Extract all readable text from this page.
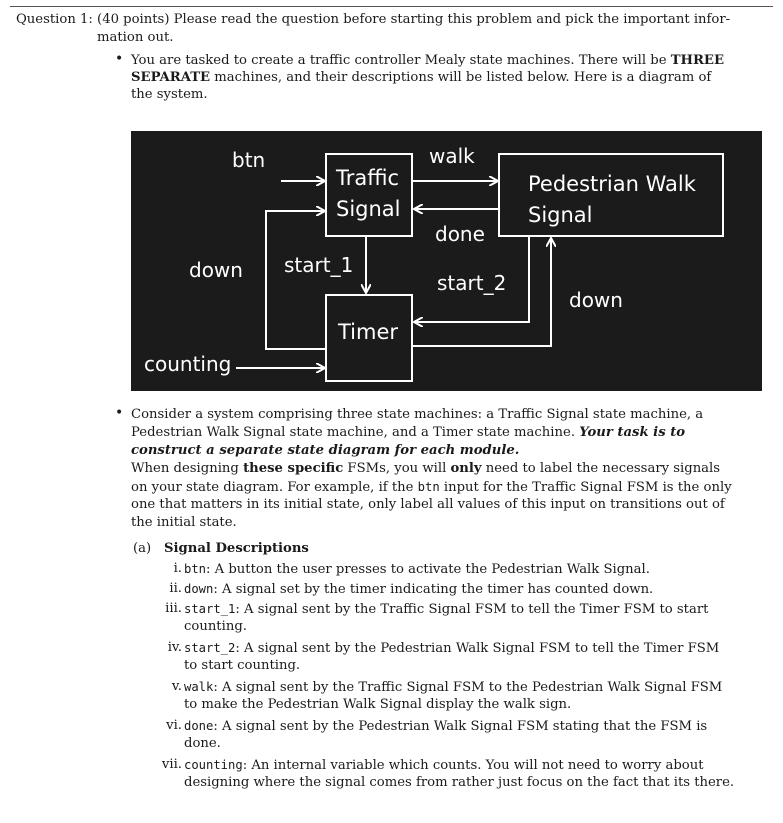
Question 1: (40 points) Please read the question before starting this problem and pick the important infor-
mation out.
• You are tasked to create a traffic controller Mealy state machines. There will be THREE
SEPARATE machines, and their descriptions will be listed below. Here is a diagram of
the system.
Traffic
Signal
Pedestrian Walk
Signal
Timer
btn	walk
done
down start_1
start_2
down
counting
• Consider a system comprising three state machines: a Traffic Signal state machine, a
Pedestrian Walk Signal state machine, and a Timer state machine. Your task is to
construct a separate state diagram for each module.
When designing these specific FSMs, you will only need to label the necessary signals
on your state diagram. For example, if the btn input for the Traffic Signal FSM is the only
one that matters in its initial state, only label all values of this input on transitions out of
the initial state.
(a) Signal Descriptions
i. btn: A button the user presses to activate the Pedestrian Walk Signal.
ii. down: A signal set by the timer indicating the timer has counted down.
iii. start_1: A signal sent by the Traffic Signal FSM to tell the Timer FSM to start
counting.
iv. start_2: A signal sent by the Pedestrian Walk Signal FSM to tell the Timer FSM
to start counting.
v. walk: A signal sent by the Traffic Signal FSM to the Pedestrian Walk Signal FSM
to make the Pedestrian Walk Signal display the walk sign.
vi. done: A signal sent by the Pedestrian Walk Signal FSM stating that the FSM is
done.
vii. counting: An internal variable which counts. You will not need to worry about
designing where the signal comes from rather just focus on the fact that its there.
